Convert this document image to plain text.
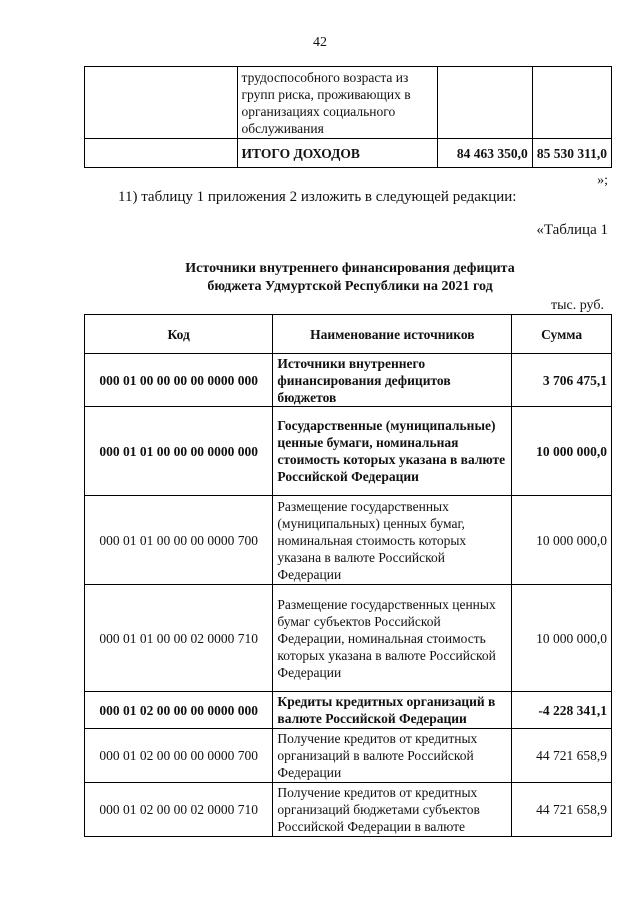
42
	трудоспособного возраста из групп риска, проживающих в организациях социального обслуживания		
	ИТОГО ДОХОДОВ	84 463 350,0	85 530 311,0
»;
11) таблицу 1 приложения 2 изложить в следующей редакции:
«Таблица 1
Источники внутреннего финансирования дефицита
бюджета Удмуртской Республики на 2021 год
тыс. руб.
Код	Наименование источников	Сумма
000 01 00 00 00 00 0000 000	Источники внутреннего финансирования дефицитов бюджетов	3 706 475,1
000 01 01 00 00 00 0000 000	Государственные (муниципальные) ценные бумаги, номинальная стоимость которых указана в валюте Российской Федерации	10 000 000,0
000 01 01 00 00 00 0000 700	Размещение государственных (муниципальных) ценных бумаг, номинальная стоимость которых указана в валюте Российской Федерации	10 000 000,0
000 01 01 00 00 02 0000 710	Размещение государственных ценных бумаг субъектов Российской Федерации, номинальная стоимость которых указана в валюте Российской Федерации	10 000 000,0
000 01 02 00 00 00 0000 000	Кредиты кредитных организаций в валюте Российской Федерации	-4 228 341,1
000 01 02 00 00 00 0000 700	Получение кредитов от кредитных организаций в валюте Российской Федерации	44 721 658,9
000 01 02 00 00 02 0000 710	Получение кредитов от кредитных организаций бюджетами субъектов Российской Федерации в валюте	44 721 658,9
